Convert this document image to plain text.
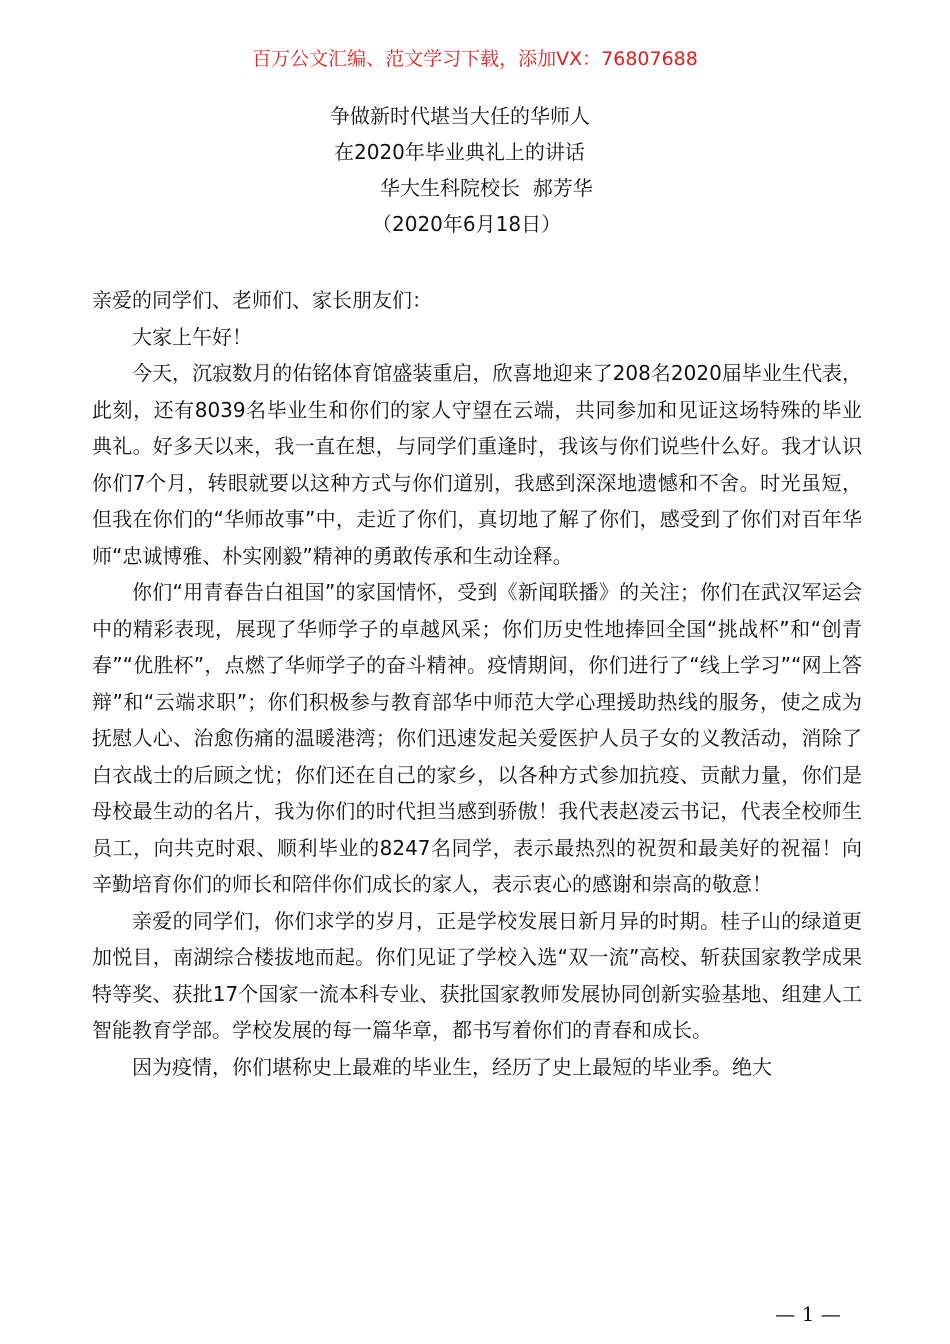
百万公文汇编、范文学习下载，添加VX：76807688
争做新时代堪当大任的华师人
在2020年毕业典礼上的讲话
华大生科院校长  郝芳华
（2020年6月18日）

亲爱的同学们、老师们、家长朋友们：

大家上午好！

今天，沉寂数月的佑铭体育馆盛装重启，欣喜地迎来了208名2020届毕业生代表，此刻，还有8039名毕业生和你们的家人守望在云端，共同参加和见证这场特殊的毕业典礼。好多天以来，我一直在想，与同学们重逢时，我该与你们说些什么好。我才认识你们7个月，转眼就要以这种方式与你们道别，我感到深深地遗憾和不舍。时光虽短，但我在你们的“华师故事”中，走近了你们，真切地了解了你们，感受到了你们对百年华师“忠诚博雅、朴实刚毅”精神的勇敢传承和生动诠释。

你们“用青春告白祖国”的家国情怀，受到《新闻联播》的关注；你们在武汉军运会中的精彩表现，展现了华师学子的卓越风采；你们历史性地捧回全国“挑战杯”和“创青春”“优胜杯”，点燃了华师学子的奋斗精神。疫情期间，你们进行了“线上学习”“网上答辩”和“云端求职”；你们积极参与教育部华中师范大学心理援助热线的服务，使之成为抚慰人心、治愈伤痛的温暖港湾；你们迅速发起关爱医护人员子女的义教活动，消除了白衣战士的后顾之忧；你们还在自己的家乡，以各种方式参加抗疫、贡献力量，你们是母校最生动的名片，我为你们的时代担当感到骄傲！我代表赵凌云书记，代表全校师生员工，向共克时艰、顺利毕业的8247名同学，表示最热烈的祝贺和最美好的祝福！向辛勤培育你们的师长和陪伴你们成长的家人，表示衷心的感谢和崇高的敬意！

亲爱的同学们，你们求学的岁月，正是学校发展日新月异的时期。桂子山的绿道更加悦目，南湖综合楼拔地而起。你们见证了学校入选“双一流”高校、斩获国家教学成果特等奖、获批17个国家一流本科专业、获批国家教师发展协同创新实验基地、组建人工智能教育学部。学校发展的每一篇华章，都书写着你们的青春和成长。

因为疫情，你们堪称史上最难的毕业生，经历了史上最短的毕业季。绝大

— 1 —
